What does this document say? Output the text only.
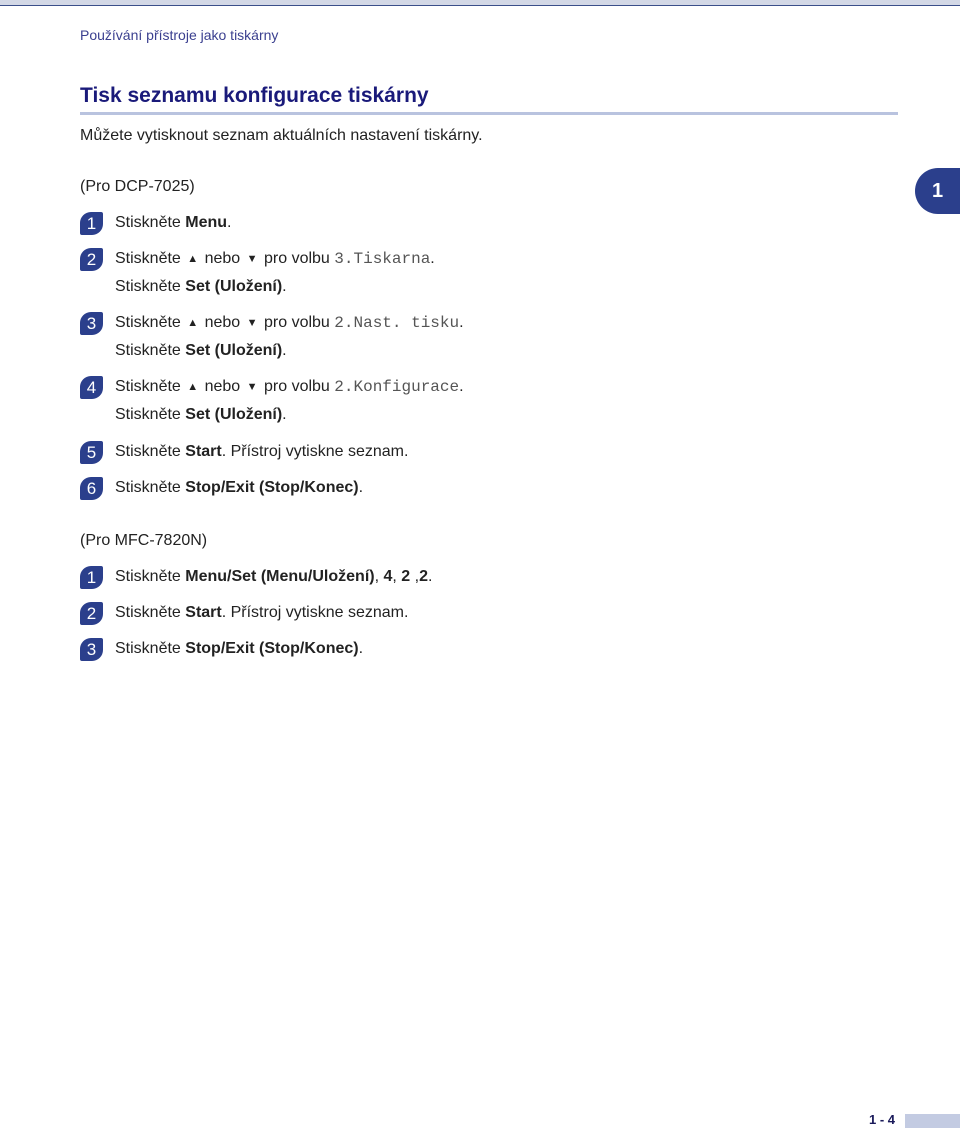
Používání přístroje jako tiskárny
Tisk seznamu konfigurace tiskárny
Můžete vytisknout seznam aktuálních nastavení tiskárny.
1
(Pro DCP-7025)
1	Stiskněte Menu.
2	Stiskněte ▲ nebo ▼ pro volbu 3.Tiskarna.
Stiskněte Set (Uložení).
3	Stiskněte ▲ nebo ▼ pro volbu 2.Nast. tisku.
Stiskněte Set (Uložení).
4	Stiskněte ▲ nebo ▼ pro volbu 2.Konfigurace.
Stiskněte Set (Uložení).
5	Stiskněte Start. Přístroj vytiskne seznam.
6	Stiskněte Stop/Exit (Stop/Konec).
(Pro MFC-7820N)
1	Stiskněte Menu/Set (Menu/Uložení), 4, 2 ,2.
2	Stiskněte Start. Přístroj vytiskne seznam.
3	Stiskněte Stop/Exit (Stop/Konec).
1 - 4
